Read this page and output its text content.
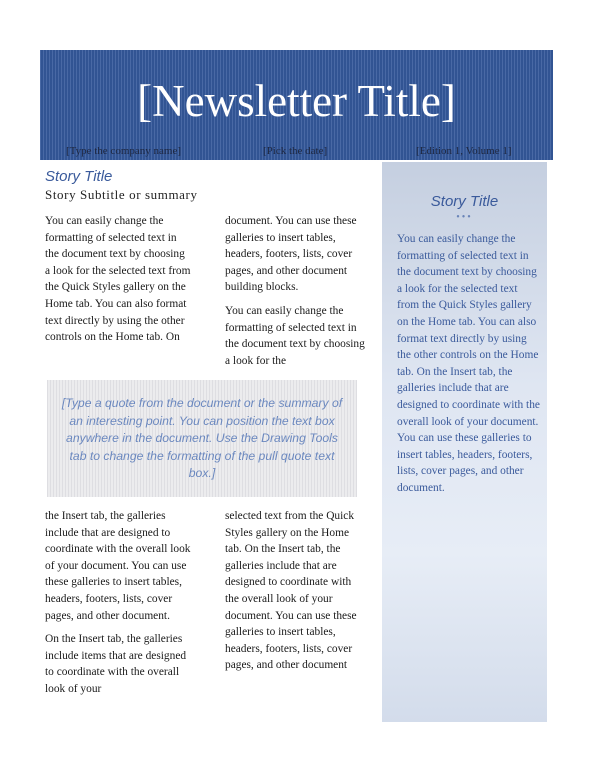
[Newsletter Title]
[Type the company name]	[Pick the date]	[Edition 1, Volume 1]
Story Title
Story Subtitle or summary

You can easily change the formatting of selected text in the document text by choosing a look for the selected text from the Quick Styles gallery on the Home tab. You can also format text directly by using the other controls on the Home tab. On

document. You can use these galleries to insert tables, headers, footers, lists, cover pages, and other document building blocks.

You can easily change the formatting of selected text in the document text by choosing a look for the

[Type a quote from the document or the summary of an interesting point. You can position the text box anywhere in the document. Use the Drawing Tools tab to change the formatting of the pull quote text box.]

the Insert tab, the galleries include that are designed to coordinate with the overall look of your document. You can use these galleries to insert tables, headers, footers, lists, cover pages, and other document.

On the Insert tab, the galleries include items that are designed to coordinate with the overall look of your

selected text from the Quick Styles gallery on the Home tab. On the Insert tab, the galleries include that are designed to coordinate with the overall look of your document. You can use these galleries to insert tables, headers, footers, lists, cover pages, and other document

Story Title
•••
You can easily change the formatting of selected text in the document text by choosing a look for the selected text from the Quick Styles gallery on the Home tab. You can also format text directly by using the other controls on the Home tab. On the Insert tab, the galleries include that are designed to coordinate with the overall look of your document. You can use these galleries to insert tables, headers, footers, lists, cover pages, and other document.
